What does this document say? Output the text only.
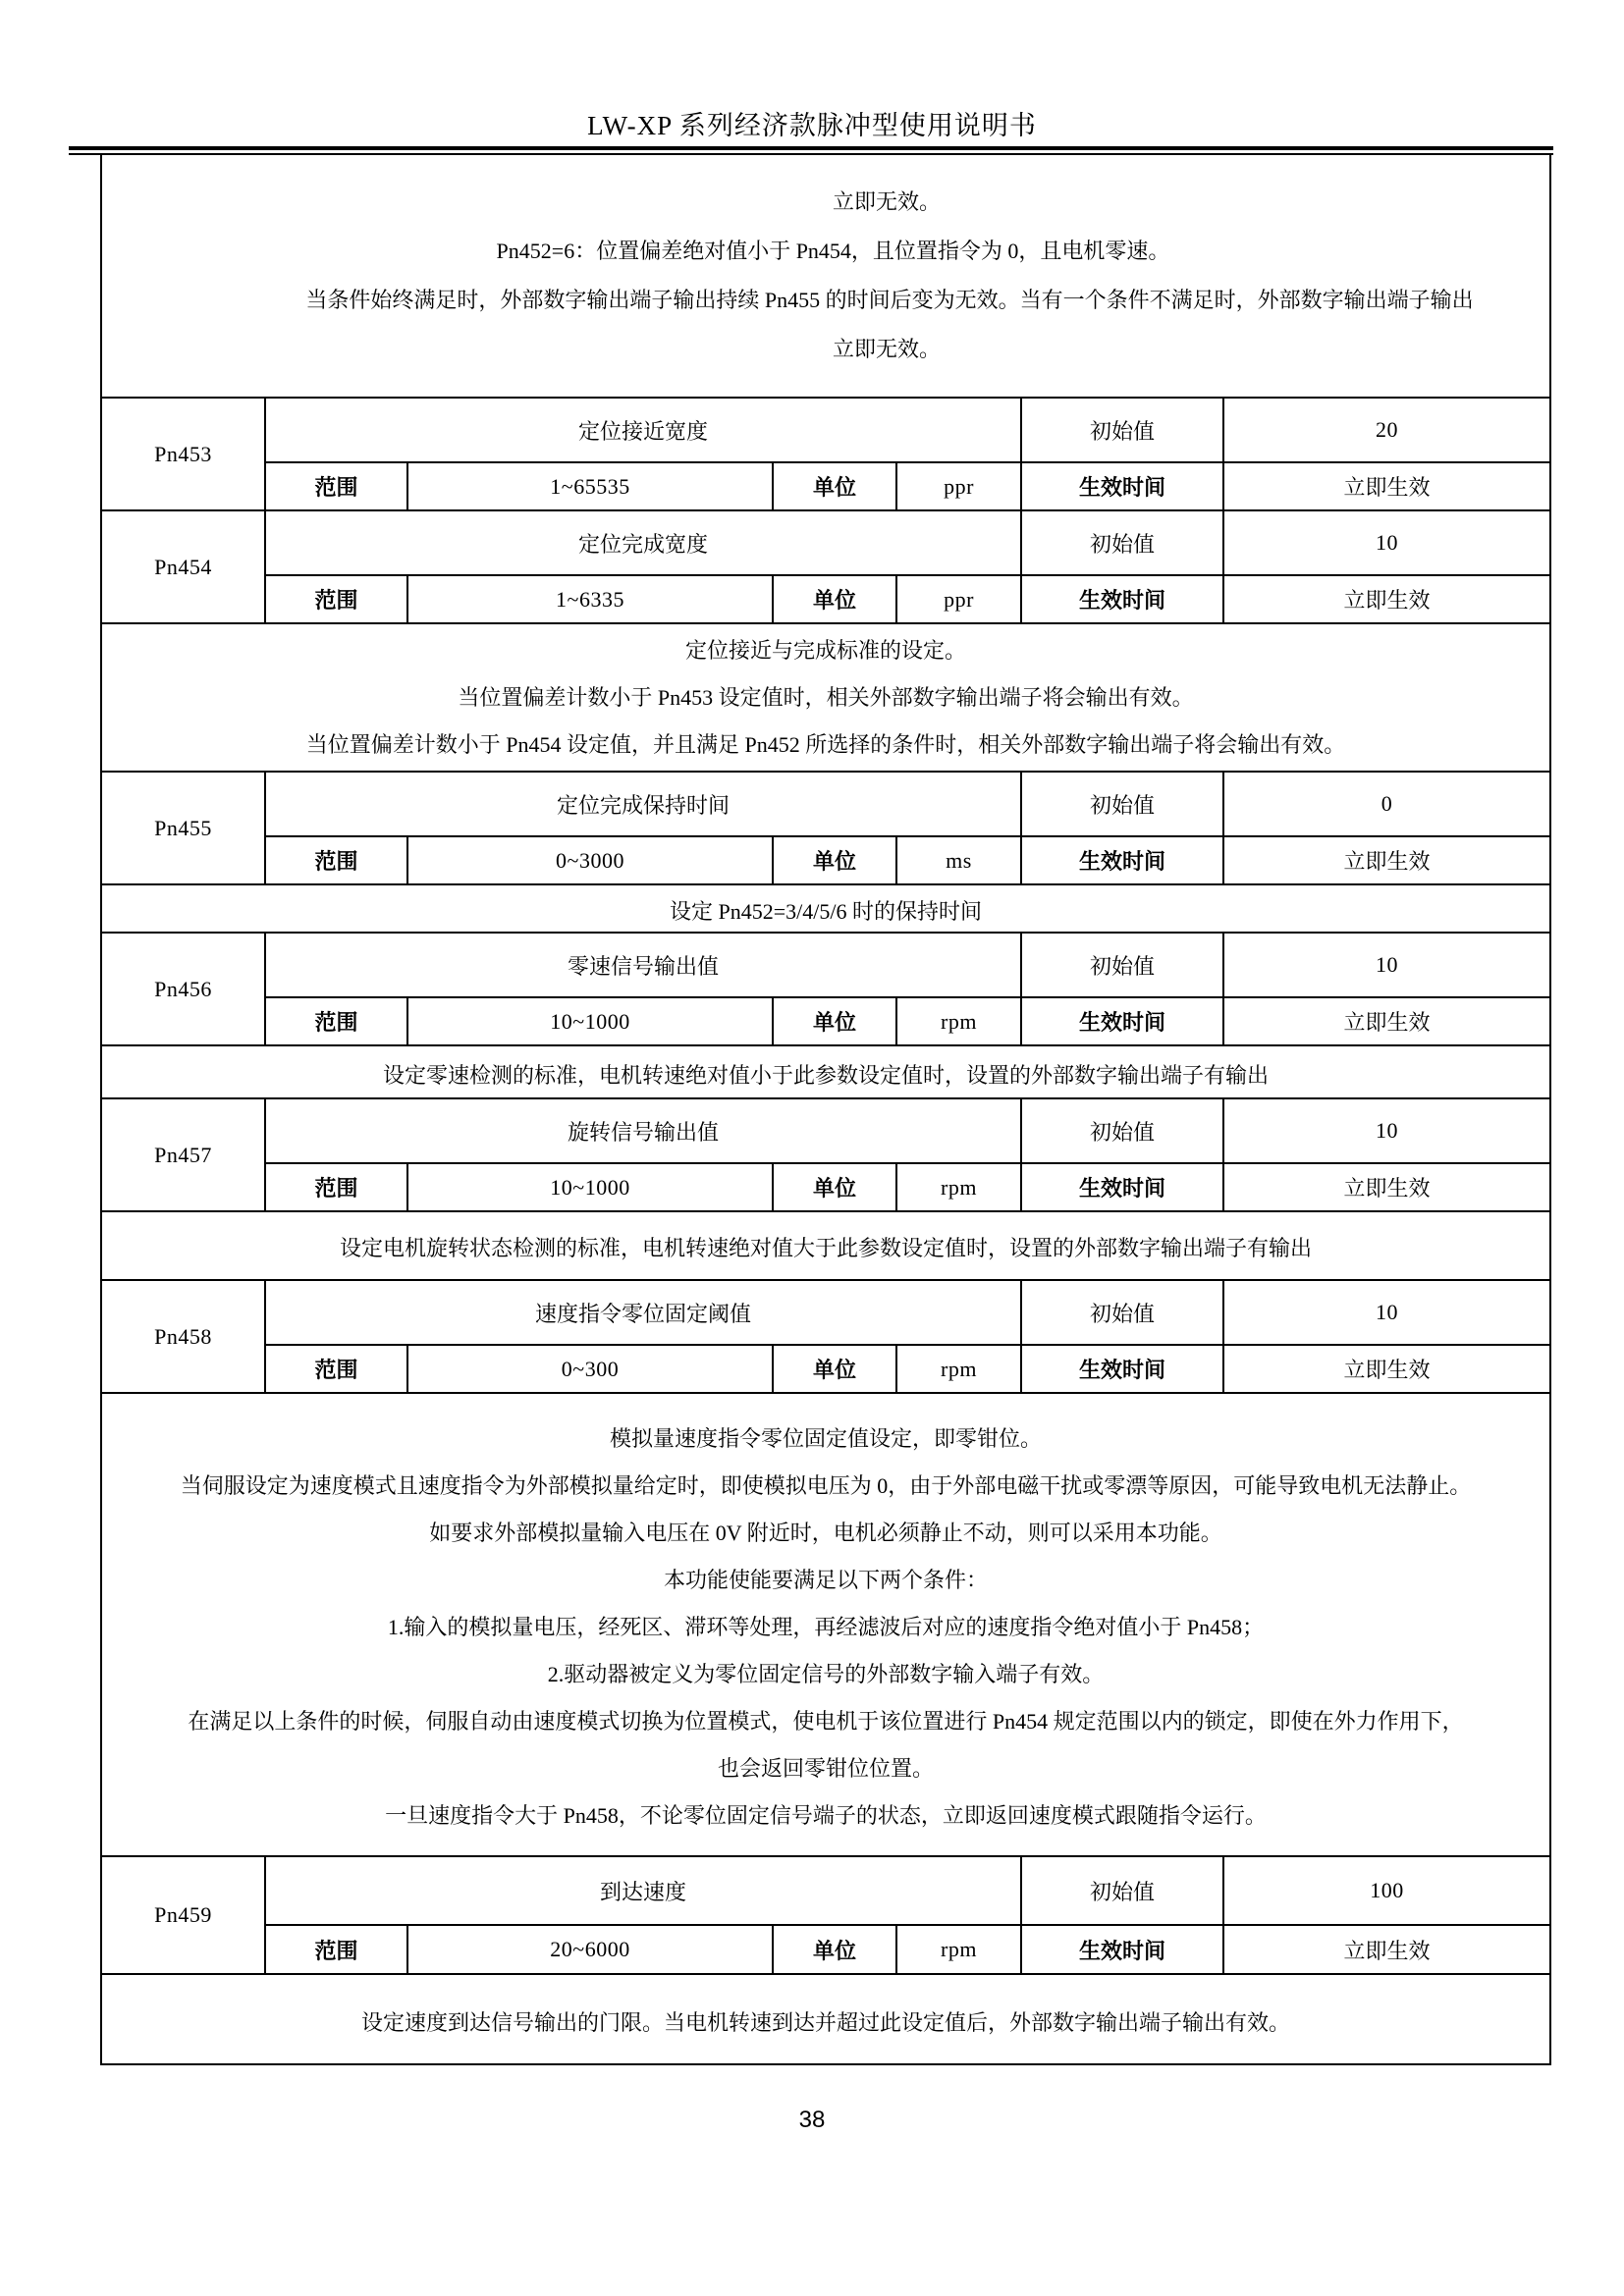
LW-XP 系列经济款脉冲型使用说明书
立即无效。
Pn452=6：位置偏差绝对值小于 Pn454，且位置指令为 0，且电机零速。
当条件始终满足时，外部数字输出端子输出持续 Pn455 的时间后变为无效。当有一个条件不满足时，外部数字输出端子输出
立即无效。						

Pn453	定位接近宽度				初始值	20
	范围	1~65535	单位	ppr	生效时间	立即生效
Pn454	定位完成宽度				初始值	10
	范围	1~6335	单位	ppr	生效时间	立即生效

定位接近与完成标准的设定。
当位置偏差计数小于 Pn453 设定值时，相关外部数字输出端子将会输出有效。
当位置偏差计数小于 Pn454 设定值，并且满足 Pn452 所选择的条件时，相关外部数字输出端子将会输出有效。						

Pn455	定位完成保持时间				初始值	0
	范围	0~3000	单位	ms	生效时间	立即生效

设定 Pn452=3/4/5/6 时的保持时间						

Pn456	零速信号输出值				初始值	10
	范围	10~1000	单位	rpm	生效时间	立即生效

设定零速检测的标准，电机转速绝对值小于此参数设定值时，设置的外部数字输出端子有输出						

Pn457	旋转信号输出值				初始值	10
	范围	10~1000	单位	rpm	生效时间	立即生效

设定电机旋转状态检测的标准，电机转速绝对值大于此参数设定值时，设置的外部数字输出端子有输出						

Pn458	速度指令零位固定阈值				初始值	10
	范围	0~300	单位	rpm	生效时间	立即生效

模拟量速度指令零位固定值设定，即零钳位。
当伺服设定为速度模式且速度指令为外部模拟量给定时，即使模拟电压为 0，由于外部电磁干扰或零漂等原因，可能导致电机无法静止。
如要求外部模拟量输入电压在 0V 附近时，电机必须静止不动，则可以采用本功能。
本功能使能要满足以下两个条件：
1.输入的模拟量电压，经死区、滞环等处理，再经滤波后对应的速度指令绝对值小于 Pn458；
2.驱动器被定义为零位固定信号的外部数字输入端子有效。
在满足以上条件的时候，伺服自动由速度模式切换为位置模式，使电机于该位置进行 Pn454 规定范围以内的锁定，即使在外力作用下，
也会返回零钳位位置。
一旦速度指令大于 Pn458，不论零位固定信号端子的状态，立即返回速度模式跟随指令运行。

Pn459	到达速度				初始值	100
	范围	20~6000	单位	rpm	生效时间	立即生效

设定速度到达信号输出的门限。当电机转速到达并超过此设定值后，外部数字输出端子输出有效。						
38
